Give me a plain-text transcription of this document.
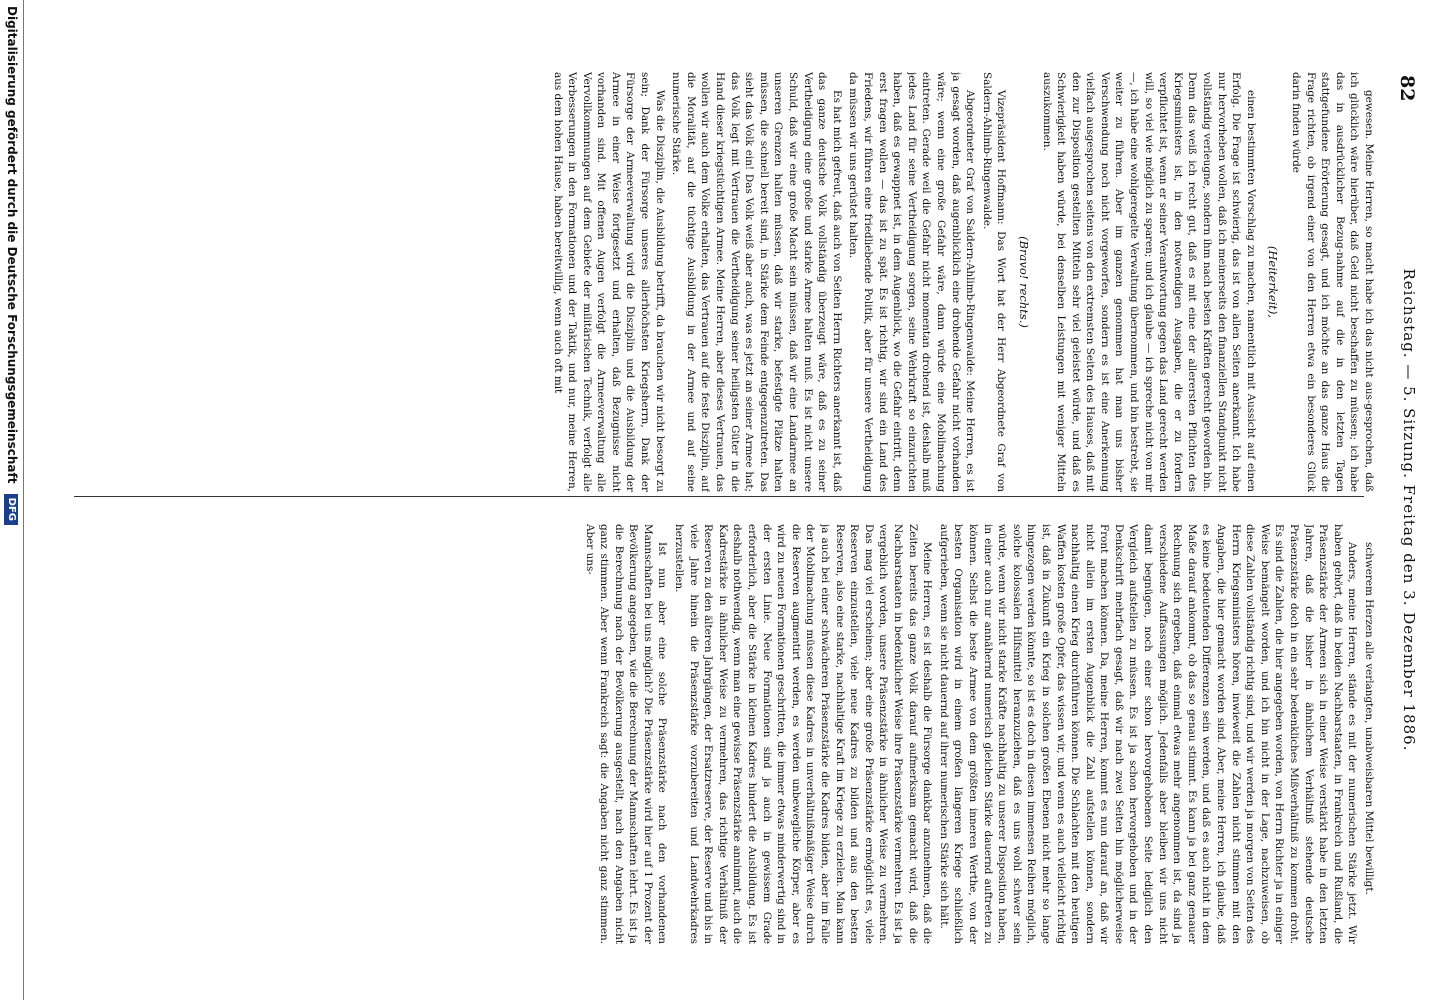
82
Reichstag. — 5. Sitzung. Freitag den 3. Dezember 1886.

gewesen. Meine Herren, so macht habe ich das nicht aus-gesprochen, daß ich glücklich wäre hierüber, daß Geld nicht beschaffen zu müssen; ich habe das in ausdrücklicher Bezug-nahme auf die in den letzten Tagen stattgefundene Erörterung gesagt, und ich möchte an das ganze Haus die Frage richten, ob irgend einer von den Herren etwa ein besonderes Glück darin finden würde

(Heiterkeit),

einen bestimmten Vorschlag zu machen, namentlich mit Aussicht auf einen Erfolg. Die Frage ist schwierig, das ist von allen Seiten anerkannt. Ich habe nur hervorheben wollen, daß ich meinerseits den finanziellen Standpunkt nicht vollständig verleugne, sondern ihm nach besten Kräften gerecht geworden bin. Denn das weiß ich recht gut, daß es mit eine der allerersten Pflichten des Kriegsministers ist, in den notwendigen Ausgaben, die er zu fordern verpflichtet ist, wenn er seiner Verantwortung gegen das Land gerecht werden will, so viel wie möglich zu sparen; und ich glaube — ich spreche nicht von mir —, ich habe eine wohlgeregelte Verwaltung übernommen, und bin bestrebt, sie weiter zu führen. Aber im ganzen genommen hat man uns bisher Verschwendung noch nicht vorgeworfen, sondern es ist eine Anerkennung vielfach ausgesprochen seitens von den extremsten Seiten des Hauses, daß mit den zur Disposition gestellten Mitteln sehr viel geleistet würde, und daß es Schwierigkeit haben würde, bei denselben Leistungen mit weniger Mitteln auszukommen.

(Bravo! rechts.)

Vizepräsident Hoffmann: Das Wort hat der Herr Abgeordnete Graf von Saldern-Ahlimb-Ringenwalde.

Abgeordneter Graf von Saldern-Ahlimb-Ringenwalde: Meine Herren, es ist ja gesagt worden, daß augenblicklich eine drohende Gefahr nicht vorhanden wäre; wenn eine große Gefahr wäre, dann würde eine Mobilmachung eintreten. Gerade weil die Gefahr nicht momentan drohend ist, deshalb muß jedes Land für seine Vertheidigung sorgen, seine Wehrkraft so einzurichten haben, daß es gewappnet ist, in dem Augenblick, wo die Gefahr eintritt, denn erst fragen wollen — das ist zu spät. Es ist richtig, wir sind ein Land des Friedens, wir führen eine friedliebende Politik, aber für unsere Vertheidigung da müssen wir uns gerüstet halten.

Es hat mich gefreut, daß auch von Seiten Herrn Richters anerkannt ist, daß das ganze deutsche Volk vollständig überzeugt wäre, daß es zu seiner Vertheidigung eine große und starke Armee halten muß. Es ist nicht unsere Schuld, daß wir eine große Macht sein müssen, daß wir eine Landarmee an unseren Grenzen halten müssen, daß wir starke, befestigte Plätze halten müssen, die schnell bereit sind, in Stärke dem Feinde entgegenzutreten. Das sieht das Volk ein! Das Volk weiß aber auch, was es jetzt an seiner Armee hat; das Volk legt mit Vertrauen die Vertheidigung seiner heiligsten Güter in die Hand dieser kriegstüchtigen Armee. Meine Herren, aber dieses Vertrauen, das wollen wir auch dem Volke erhalten, das Vertrauen auf die feste Disziplin, auf die Moralität, auf die tüchtige Ausbildung in der Armee und auf seine numerische Stärke.

Was die Disziplin, die Ausbildung betrifft, da brauchen wir nicht besorgt zu sein; Dank der Fürsorge unseres allerhöchsten Kriegsherrn, Dank der Fürsorge der Armeeverwaltung wird die Disziplin und die Ausbildung der Armee in einer Weise fortgesetzt und erhalten, daß Bezugnisse nicht vorhanden sind. Mit offenen Augen verfolgt die Armeeverwaltung alle Vervollkommnungen auf dem Gebiete der militärischen Technik, verfolgt alle Verbesserungen in den Formationen und der Taktik, und nur, meine Herren, aus dem hohen Hause, haben bereitwillig, wenn auch oft mit

schwerem Herzen alle verlangten, unabweisbaren Mittel bewilligt.

Anders, meine Herren, stände es mit der numerischen Stärke jetzt. Wir haben gehört, daß in beiden Nachbarstaaten, in Frankreich und Rußland, die Präsenzstärke der Armeen sich in einer Weise verstärkt habe in den letzten Jahren, daß die bisher in ähnlichem Verhältniß stehende deutsche Präsenzstärke doch in ein sehr bedenkliches Mißverhältniß zu kommen droht. Es sind die Zahlen, die hier angegeben worden, von Herrn Richter ja in einiger Weise bemängelt worden, und ich bin nicht in der Lage, nachzuweisen, ob diese Zahlen vollständig richtig sind, und wir werden ja morgen von Seiten des Herrn Kriegsministers hören, inwieweit die Zahlen nicht stimmen mit den Angaben, die hier gemacht worden sind. Aber, meine Herren, ich glaube, daß es keine bedeutenden Differenzen sein werden, und daß es auch nicht in dem Maße darauf ankommt, ob das so genau stimmt. Es kann ja bei ganz genauer Rechnung sich ergeben, daß einmal etwas mehr angenommen ist, da sind ja verschiedene Auffassungen möglich. Jedenfalls aber bleiben wir uns nicht damit begnügen, noch einer schon hervorgehobenen Seite lediglich den Vergleich aufstellen zu müssen. Es ist ja schon hervorgehoben und in der Denkschrift mehrfach gesagt, daß wir nach zwei Seiten hin möglicherweise Front machen können. Da, meine Herren, kommt es nun darauf an, daß wir nicht allein im ersten Augenblick die Zahl aufstellen können, sondern nachhaltig einen Krieg durchführen können. Die Schlachten mit den heutigen Waffen kosten große Opfer, das wissen wir, und wenn es auch vielleicht richtig ist, daß in Zukunft ein Krieg in solchen großen Ebenen nicht mehr so lange hingezogen werden könnte, so ist es doch in diesen immensen Reihen möglich, solche kolossalen Hilfsmittel heranzuziehen, daß es uns wohl schwer sein würde, wenn wir nicht starke Kräfte nachhaltig zu unserer Disposition haben, in einer auch nur annähernd numerisch gleichen Stärke dauernd auftreten zu können. Selbst die beste Armee von dem größten inneren Werthe, von der besten Organisation wird in einem großen längeren Kriege schließlich aufgerieben, wenn sie nicht dauernd auf ihrer numerischen Stärke sich hält.

Meine Herren, es ist deshalb die Fürsorge dankbar anzunehmen, daß die Zeiten bereits das ganze Volk darauf aufmerksam gemacht wird, daß die Nachbarstaaten in bedenklicher Weise ihre Präsenzstärke vermehren. Es ist ja vergeblich worden, unsere Präsenzstärke in ähnlicher Weise zu vermehren. Das mag viel erscheinen; aber eine große Präsenzstärke ermöglicht es, viele Reserven einzustellen, viele neue Kadres zu bilden und aus den besten Reserven, also eine starke, nachhaltige Kraft im Kriege zu erzielen. Man kann ja auch bei einer schwächeren Präsenzstärke die Kadres bilden, aber im Falle der Mobilmachung müssen diese Kadres in unverhältnißmäßiger Weise durch die Reserven augmentirt werden, es werden unbewegliche Körper, aber es wird zu neuen Formationen geschritten, die immer etwas minderwertig sind in der ersten Linie. Neue Formationen sind ja auch in gewissem Grade erforderlich, aber die Stärke in kleinen Kadres hindert die Ausbildung. Es ist deshalb nothwendig, wenn man eine gewisse Präsenzstärke annimmt, auch die Kadrestärke in ähnlicher Weise zu vermehren, das richtige Verhältniß der Reserven zu den älteren Jahrgängen, der Ersatzreserve, der Reserve und bis in viele Jahre hinein die Präsenzstärke vorzubereiten und Landwehrkadres herzustellen.

Ist nun aber eine solche Präsenzstärke nach den vorhandenen Mannschaften bei uns möglich? Die Präsenzstärke wird hier auf 1 Prozent der Bevölkerung angegeben, wie die Berechnung der Mannschaften lehrt. Es ist ja die Berechnung nach der Bevölkerung ausgestellt, nach den Angaben nicht ganz stimmen. Aber wenn Frankreich sagt: die Angaben nicht ganz stimmen. Aber uns-

Digitalisierung gefördert durch die Deutsche Forschungsgemeinschaft DFG
